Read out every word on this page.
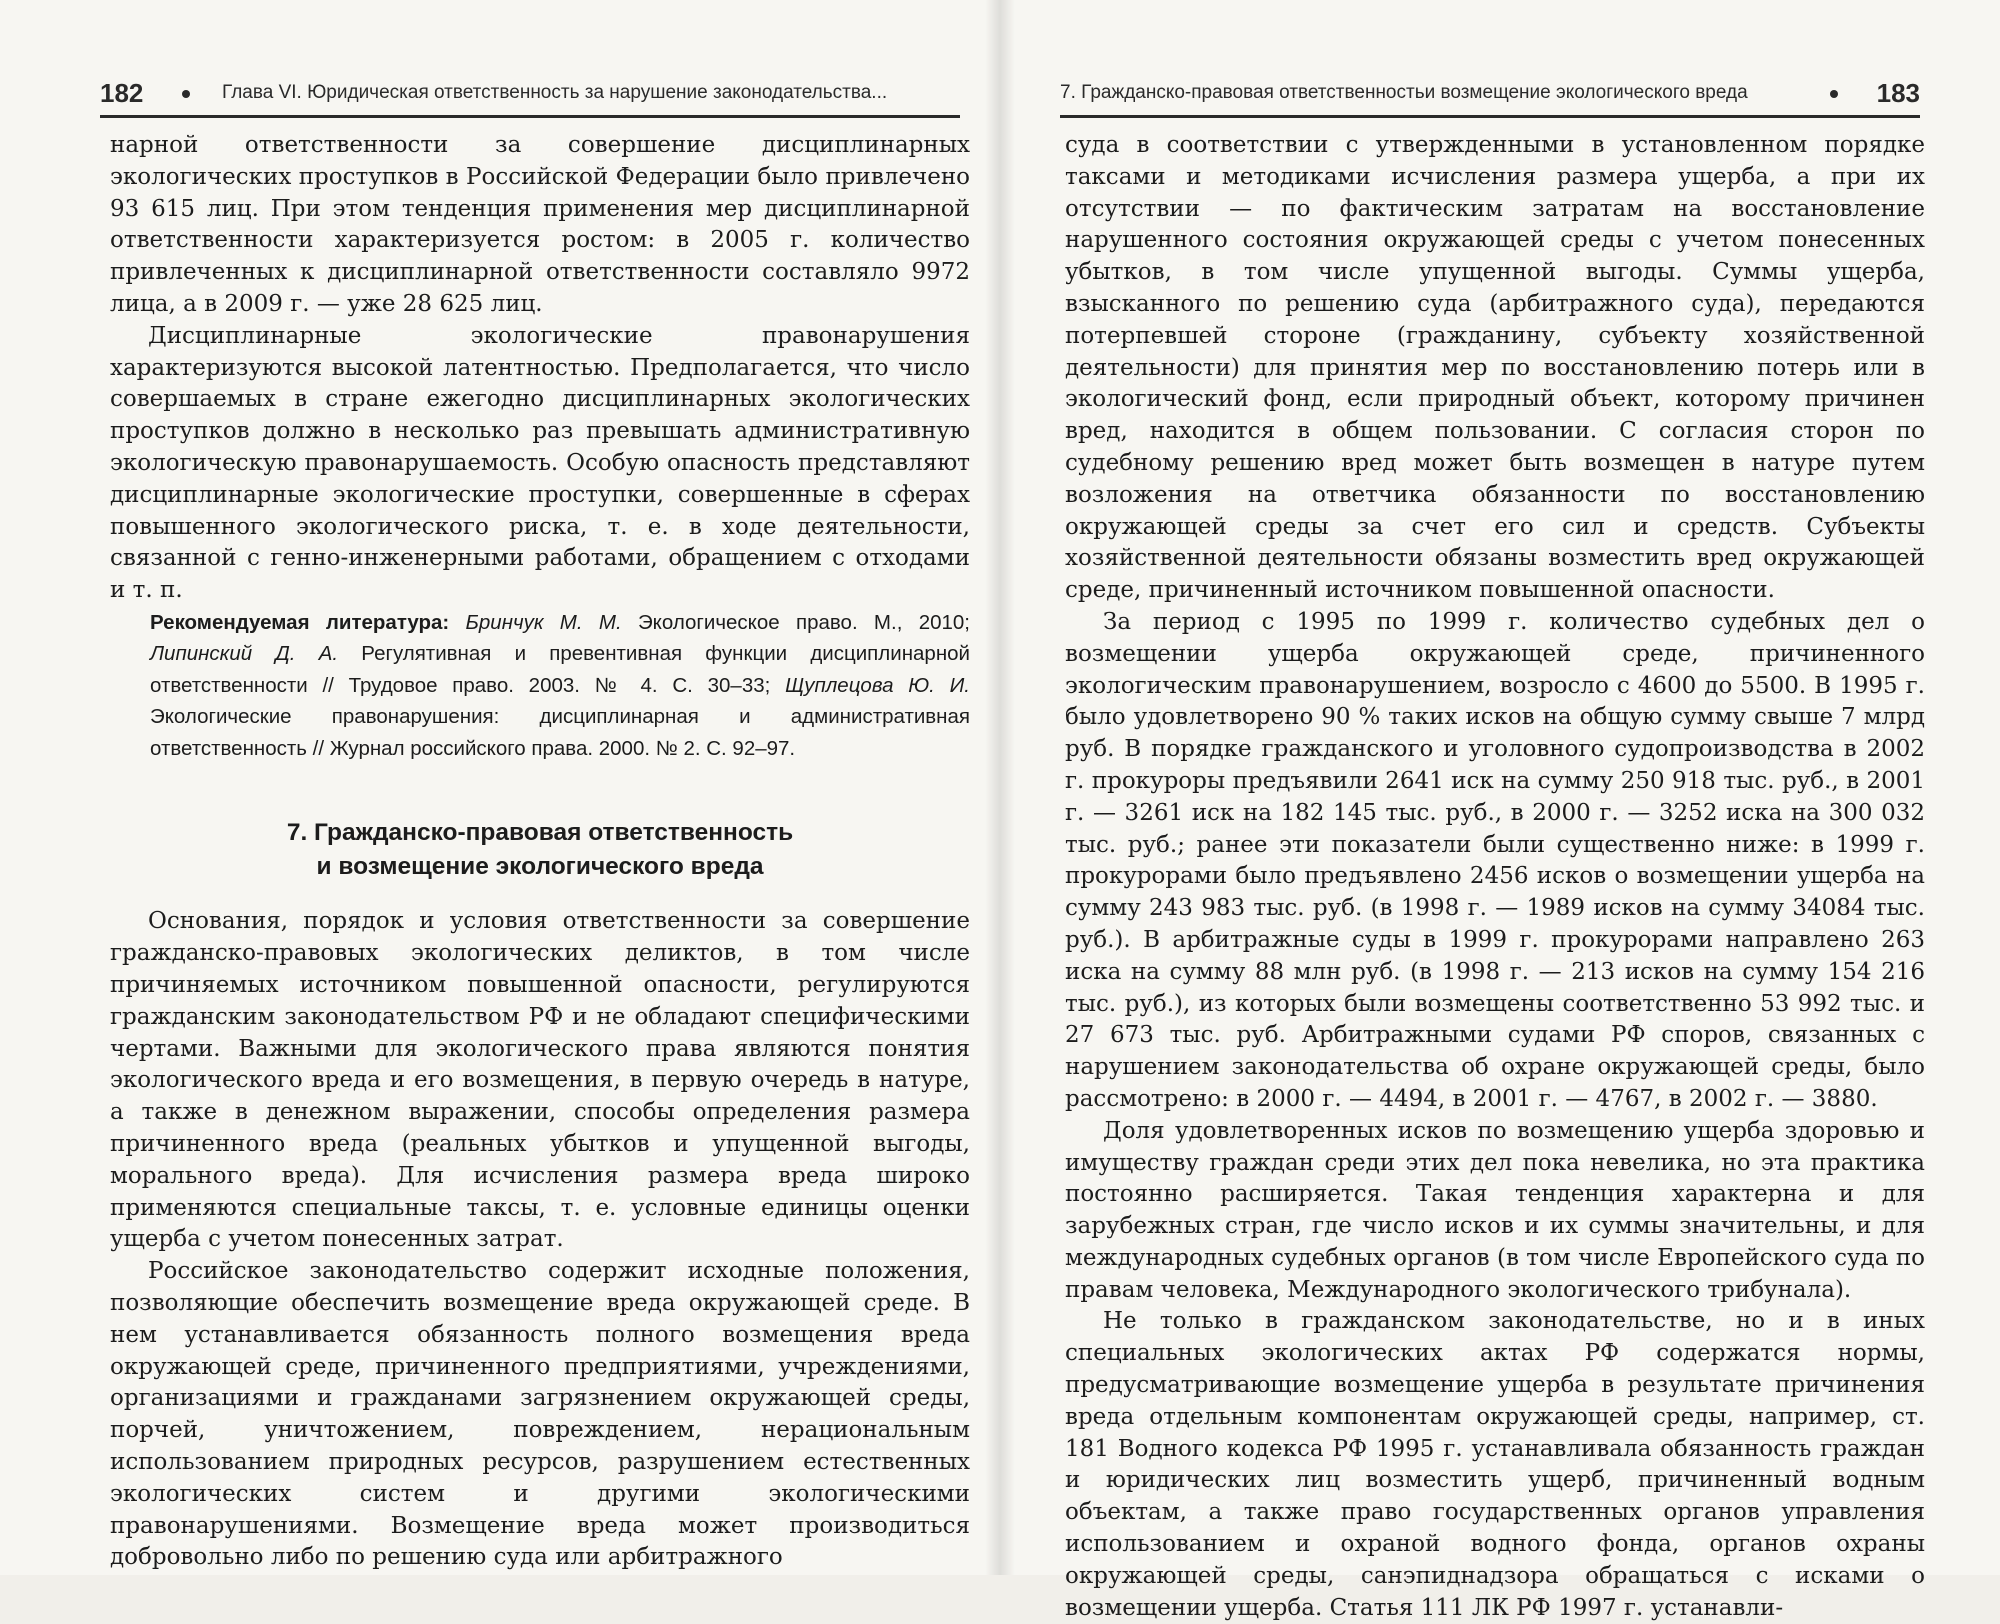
182	Глава VI. Юридическая ответственность за нарушение законодательства...

нарной ответственности за совершение дисциплинарных экологических проступков в Российской Федерации было привлечено 93 615 лиц. При этом тенденция применения мер дисциплинарной ответственности характеризуется ростом: в 2005 г. количество привлеченных к дисциплинарной ответственности составляло 9972 лица, а в 2009 г. — уже 28 625 лиц.

Дисциплинарные экологические правонарушения характеризуются высокой латентностью. Предполагается, что число совершаемых в стране ежегодно дисциплинарных экологических проступков должно в несколько раз превышать административную экологическую правонарушаемость. Особую опасность представляют дисциплинарные экологические проступки, совершенные в сферах повышенного экологического риска, т. е. в ходе деятельности, связанной с генно-инженерными работами, обращением с отходами и т. п.

Рекомендуемая литература: Бринчук М. М. Экологическое право. М., 2010; Липинский Д. А. Регулятивная и превентивная функции дисциплинарной ответственности // Трудовое право. 2003. № 4. С. 30–33; Щуплецова Ю. И. Экологические правонарушения: дисциплинарная и административная ответственность // Журнал российского права. 2000. № 2. С. 92–97.

7. Гражданско-правовая ответственность
и возмещение экологического вреда

Основания, порядок и условия ответственности за совершение гражданско-правовых экологических деликтов, в том числе причиняемых источником повышенной опасности, регулируются гражданским законодательством РФ и не обладают специфическими чертами. Важными для экологического права являются понятия экологического вреда и его возмещения, в первую очередь в натуре, а также в денежном выражении, способы определения размера причиненного вреда (реальных убытков и упущенной выгоды, морального вреда). Для исчисления размера вреда широко применяются специальные таксы, т. е. условные единицы оценки ущерба с учетом понесенных затрат.

Российское законодательство содержит исходные положения, позволяющие обеспечить возмещение вреда окружающей среде. В нем устанавливается обязанность полного возмещения вреда окружающей среде, причиненного предприятиями, учреждениями, организациями и гражданами загрязнением окружающей среды, порчей, уничтожением, повреждением, нерациональным использованием природных ресурсов, разрушением естественных экологических систем и другими экологическими правонарушениями. Возмещение вреда может производиться добровольно либо по решению суда или арбитражного

7. Гражданско-правовая ответственностьи возмещение экологического вреда	183

суда в соответствии с утвержденными в установленном порядке таксами и методиками исчисления размера ущерба, а при их отсутствии — по фактическим затратам на восстановление нарушенного состояния окружающей среды с учетом понесенных убытков, в том числе упущенной выгоды. Суммы ущерба, взысканного по решению суда (арбитражного суда), передаются потерпевшей стороне (гражданину, субъекту хозяйственной деятельности) для принятия мер по восстановлению потерь или в экологический фонд, если природный объект, которому причинен вред, находится в общем пользовании. С согласия сторон по судебному решению вред может быть возмещен в натуре путем возложения на ответчика обязанности по восстановлению окружающей среды за счет его сил и средств. Субъекты хозяйственной деятельности обязаны возместить вред окружающей среде, причиненный источником повышенной опасности.

За период с 1995 по 1999 г. количество судебных дел о возмещении ущерба окружающей среде, причиненного экологическим правонарушением, возросло с 4600 до 5500. В 1995 г. было удовлетворено 90 % таких исков на общую сумму свыше 7 млрд руб. В порядке гражданского и уголовного судопроизводства в 2002 г. прокуроры предъявили 2641 иск на сумму 250 918 тыс. руб., в 2001 г. — 3261 иск на 182 145 тыс. руб., в 2000 г. — 3252 иска на 300 032 тыс. руб.; ранее эти показатели были существенно ниже: в 1999 г. прокурорами было предъявлено 2456 исков о возмещении ущерба на сумму 243 983 тыс. руб. (в 1998 г. — 1989 исков на сумму 34084 тыс. руб.). В арбитражные суды в 1999 г. прокурорами направлено 263 иска на сумму 88 млн руб. (в 1998 г. — 213 исков на сумму 154 216 тыс. руб.), из которых были возмещены соответственно 53 992 тыс. и 27 673 тыс. руб. Арбитражными судами РФ споров, связанных с нарушением законодательства об охране окружающей среды, было рассмотрено: в 2000 г. — 4494, в 2001 г. — 4767, в 2002 г. — 3880.

Доля удовлетворенных исков по возмещению ущерба здоровью и имуществу граждан среди этих дел пока невелика, но эта практика постоянно расширяется. Такая тенденция характерна и для зарубежных стран, где число исков и их суммы значительны, и для международных судебных органов (в том числе Европейского суда по правам человека, Международного экологического трибунала).

Не только в гражданском законодательстве, но и в иных специальных экологических актах РФ содержатся нормы, предусматривающие возмещение ущерба в результате причинения вреда отдельным компонентам окружающей среды, например, ст. 181 Водного кодекса РФ 1995 г. устанавливала обязанность граждан и юридических лиц возместить ущерб, причиненный водным объектам, а также право государственных органов управления использованием и охраной водного фонда, органов охраны окружающей среды, санэпиднадзора обращаться с исками о возмещении ущерба. Статья 111 ЛК РФ 1997 г. устанавли-
